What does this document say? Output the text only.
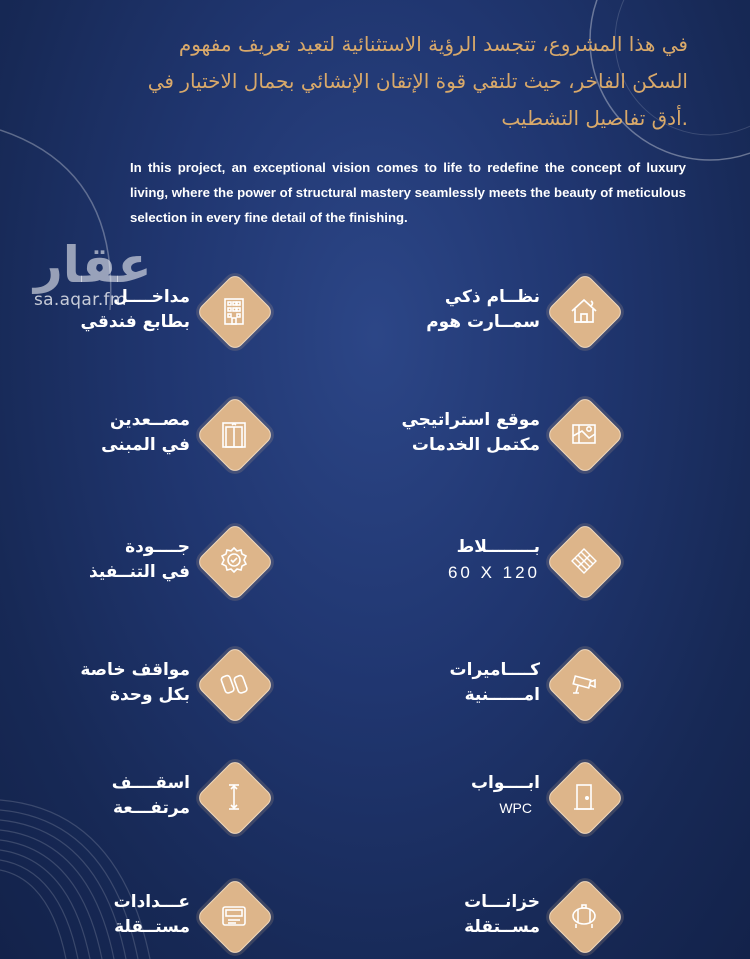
في هذا المشروع، تتجسد الرؤية الاستثنائية لتعيد تعريف مفهوم
السكن الفاخر، حيث تلتقي قوة الإتقان الإنشائي بجمال الاختيار في
.أدق تفاصيل التشطيب
In this project, an exceptional vision comes to life to redefine the concept of luxury living, where the power of structural mastery seamlessly meets the beauty of meticulous selection in every fine detail of the finishing.
عقار
sa.aqar.fm
مداخــــل
بطابع فندقي
نظــام ذكي
سمــارت هوم
مصــعدين
في المبنى
موقع استراتيجي
مكتمل الخدمات
جــــودة
في التنــفيذ
بــــــــلاط
60 X 120
مواقف خاصة
بكل وحدة
كــــاميرات
امــــــنية
اسقــــف
مرتفـــعة
ابــــواب
WPC
عـــدادات
مستــقلة
خزانـــات
مســتقلة
